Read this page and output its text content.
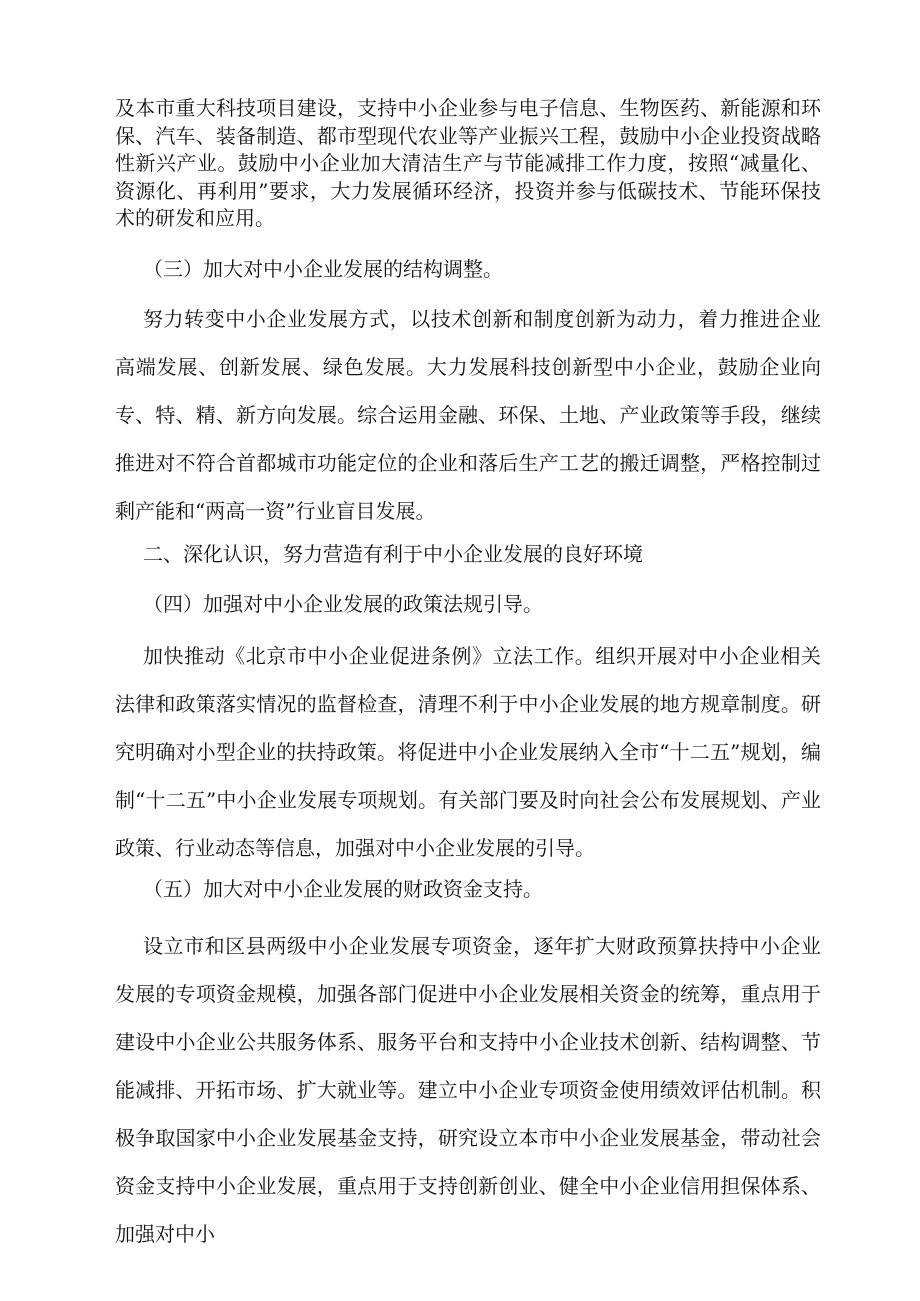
及本市重大科技项目建设，支持中小企业参与电子信息、生物医药、新能源和环保、汽车、装备制造、都市型现代农业等产业振兴工程，鼓励中小企业投资战略性新兴产业。鼓励中小企业加大清洁生产与节能减排工作力度，按照“减量化、资源化、再利用”要求，大力发展循环经济，投资并参与低碳技术、节能环保技术的研发和应用。

（三）加大对中小企业发展的结构调整。

努力转变中小企业发展方式，以技术创新和制度创新为动力，着力推进企业高端发展、创新发展、绿色发展。大力发展科技创新型中小企业，鼓励企业向专、特、精、新方向发展。综合运用金融、环保、土地、产业政策等手段，继续推进对不符合首都城市功能定位的企业和落后生产工艺的搬迁调整，严格控制过剩产能和“两高一资”行业盲目发展。

二、深化认识，努力营造有利于中小企业发展的良好环境

（四）加强对中小企业发展的政策法规引导。

加快推动《北京市中小企业促进条例》立法工作。组织开展对中小企业相关法律和政策落实情况的监督检查，清理不利于中小企业发展的地方规章制度。研究明确对小型企业的扶持政策。将促进中小企业发展纳入全市“十二五”规划，编制“十二五”中小企业发展专项规划。有关部门要及时向社会公布发展规划、产业政策、行业动态等信息，加强对中小企业发展的引导。

（五）加大对中小企业发展的财政资金支持。

设立市和区县两级中小企业发展专项资金，逐年扩大财政预算扶持中小企业发展的专项资金规模，加强各部门促进中小企业发展相关资金的统筹，重点用于建设中小企业公共服务体系、服务平台和支持中小企业技术创新、结构调整、节能减排、开拓市场、扩大就业等。建立中小企业专项资金使用绩效评估机制。积极争取国家中小企业发展基金支持，研究设立本市中小企业发展基金，带动社会资金支持中小企业发展，重点用于支持创新创业、健全中小企业信用担保体系、加强对中小
